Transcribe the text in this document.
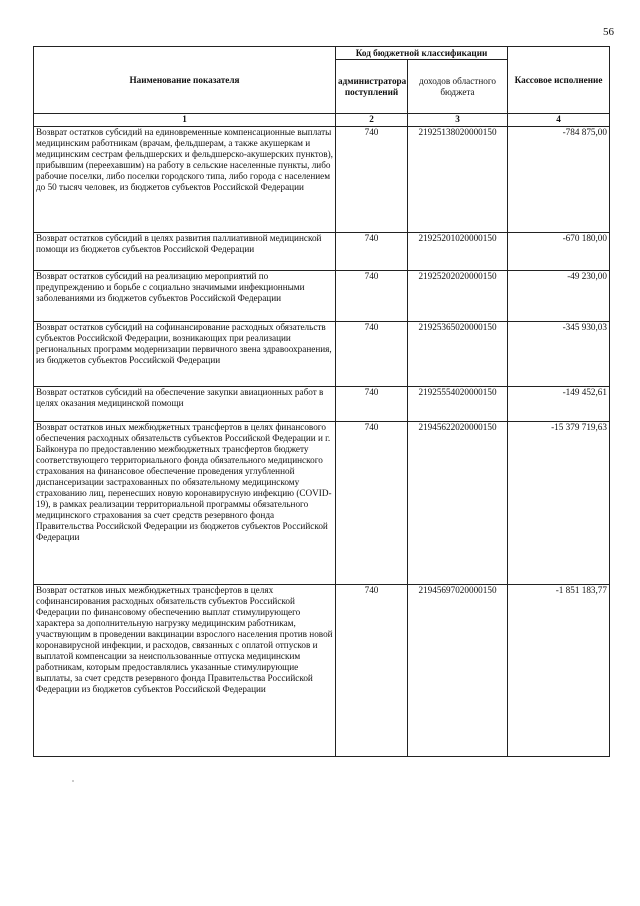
56
Наименование показателя	Код бюджетной классификации		Кассовое исполнение
	администратора поступлений	доходов областного бюджета	
1	2	3	4
Возврат остатков субсидий на единовременные компенсационные выплаты медицинским работникам (врачам, фельдшерам, а также акушеркам и медицинским сестрам фельдшерских и фельдшерско-акушерских пунктов), прибывшим (переехавшим) на работу в сельские населенные пункты, либо рабочие поселки, либо поселки городского типа, либо города с населением до 50 тысяч человек, из бюджетов субъектов Российской Федерации	740	21925138020000150	-784 875,00
Возврат остатков субсидий в целях развития паллиативной медицинской помощи из бюджетов субъектов Российской Федерации	740	21925201020000150	-670 180,00
Возврат остатков субсидий на реализацию мероприятий по предупреждению и борьбе с социально значимыми инфекционными заболеваниями из бюджетов субъектов Российской Федерации	740	21925202020000150	-49 230,00
Возврат остатков субсидий на софинансирование расходных обязательств субъектов Российской Федерации, возникающих при реализации региональных программ модернизации первичного звена здравоохранения, из бюджетов субъектов Российской Федерации	740	21925365020000150	-345 930,03
Возврат остатков субсидий на обеспечение закупки авиационных работ в целях оказания медицинской помощи	740	21925554020000150	-149 452,61
Возврат остатков иных межбюджетных трансфертов в целях финансового обеспечения расходных обязательств субъектов Российской Федерации и г. Байконура по предоставлению межбюджетных трансфертов бюджету соответствующего территориального фонда обязательного медицинского страхования на финансовое обеспечение проведения углубленной диспансеризации застрахованных по обязательному медицинскому страхованию лиц, перенесших новую коронавирусную инфекцию (COVID-19), в рамках реализации территориальной программы обязательного медицинского страхования за счет средств резервного фонда Правительства Российской Федерации из бюджетов субъектов Российской Федерации	740	21945622020000150	-15 379 719,63
Возврат остатков иных межбюджетных трансфертов в целях софинансирования расходных обязательств субъектов Российской Федерации по финансовому обеспечению выплат стимулирующего характера за дополнительную нагрузку медицинским работникам, участвующим в проведении вакцинации взрослого населения против новой коронавирусной инфекции, и расходов, связанных с оплатой отпусков и выплатой компенсации за неиспользованные отпуска медицинским работникам, которым предоставлялись указанные стимулирующие выплаты, за счет средств резервного фонда Правительства Российской Федерации из бюджетов субъектов Российской Федерации	740	21945697020000150	-1 851 183,77
